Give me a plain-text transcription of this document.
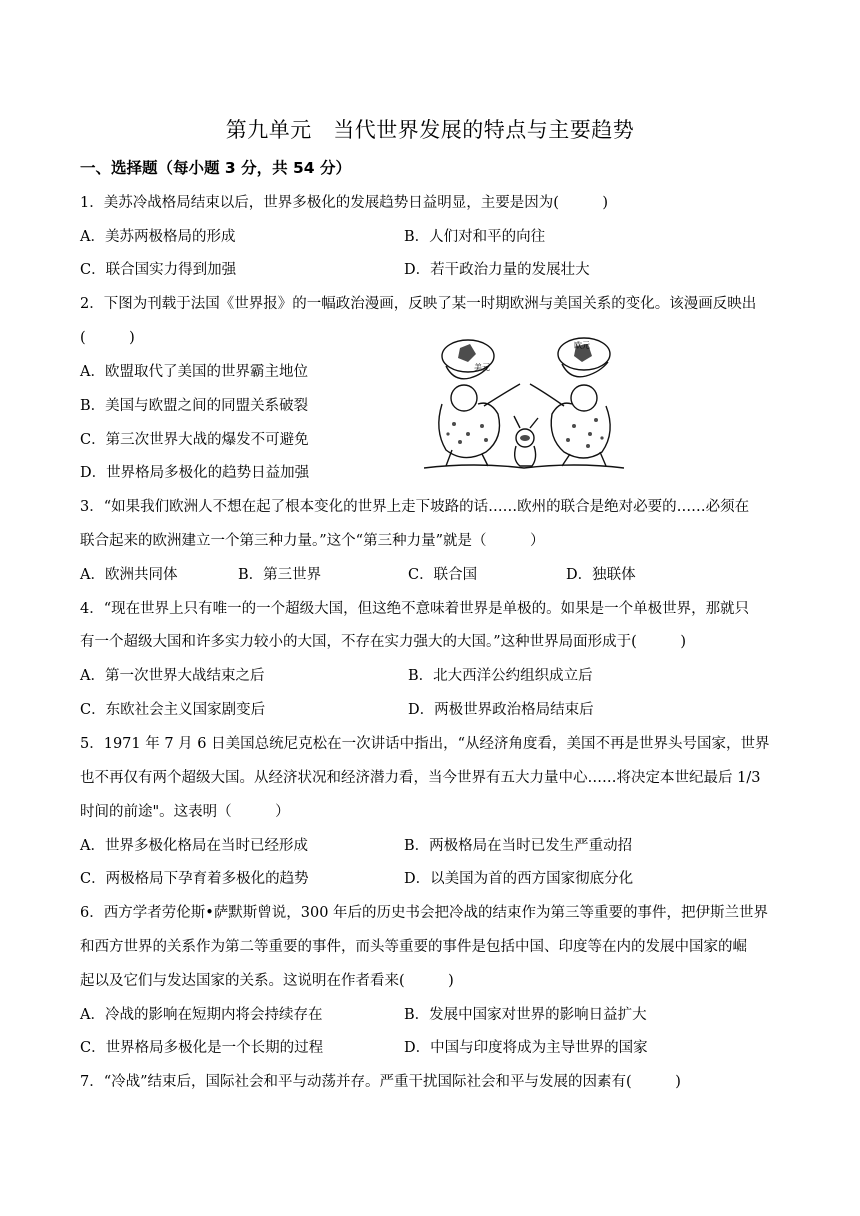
第九单元　当代世界发展的特点与主要趋势
一、选择题（每小题 3 分，共 54 分）
1．美苏冷战格局结束以后，世界多极化的发展趋势日益明显，主要是因为(　　　)
A．美苏两极格局的形成	B．人们对和平的向往
C．联合国实力得到加强	D．若干政治力量的发展壮大
2．下图为刊载于法国《世界报》的一幅政治漫画，反映了某一时期欧洲与美国关系的变化。该漫画反映出
(　　　)
A．欧盟取代了美国的世界霸主地位
B．美国与欧盟之间的同盟关系破裂
C．第三次世界大战的爆发不可避免
D．世界格局多极化的趋势日益加强
美元
欧元
3．“如果我们欧洲人不想在起了根本变化的世界上走下坡路的话……欧州的联合是绝对必要的……必须在
联合起来的欧洲建立一个第三种力量。”这个“第三种力量”就是（　　　）
A．欧洲共同体	B．第三世界	C．联合国	D．独联体
4．“现在世界上只有唯一的一个超级大国，但这绝不意味着世界是单极的。如果是一个单极世界，那就只
有一个超级大国和许多实力较小的大国，不存在实力强大的大国。”这种世界局面形成于(　　　)
A．第一次世界大战结束之后	B．北大西洋公约组织成立后
C．东欧社会主义国家剧变后	D．两极世界政治格局结束后
5．1971 年 7 月 6 日美国总统尼克松在一次讲话中指出，“从经济角度看，美国不再是世界头号国家，世界
也不再仅有两个超级大国。从经济状况和经济潜力看，当今世界有五大力量中心……将决定本世纪最后 1/3
时间的前途"。这表明（　　　）
A．世界多极化格局在当时已经形成	B．两极格局在当时已发生严重动招
C．两极格局下孕育着多极化的趋势	D．以美国为首的西方国家彻底分化
6．西方学者劳伦斯•萨默斯曾说，300 年后的历史书会把冷战的结束作为第三等重要的事件，把伊斯兰世界
和西方世界的关系作为第二等重要的事件，而头等重要的事件是包括中国、印度等在内的发展中国家的崛
起以及它们与发达国家的关系。这说明在作者看来(　　　)
A．冷战的影响在短期内将会持续存在	B．发展中国家对世界的影响日益扩大
C．世界格局多极化是一个长期的过程	D．中国与印度将成为主导世界的国家
7．“冷战”结束后，国际社会和平与动荡并存。严重干扰国际社会和平与发展的因素有(　　　)
